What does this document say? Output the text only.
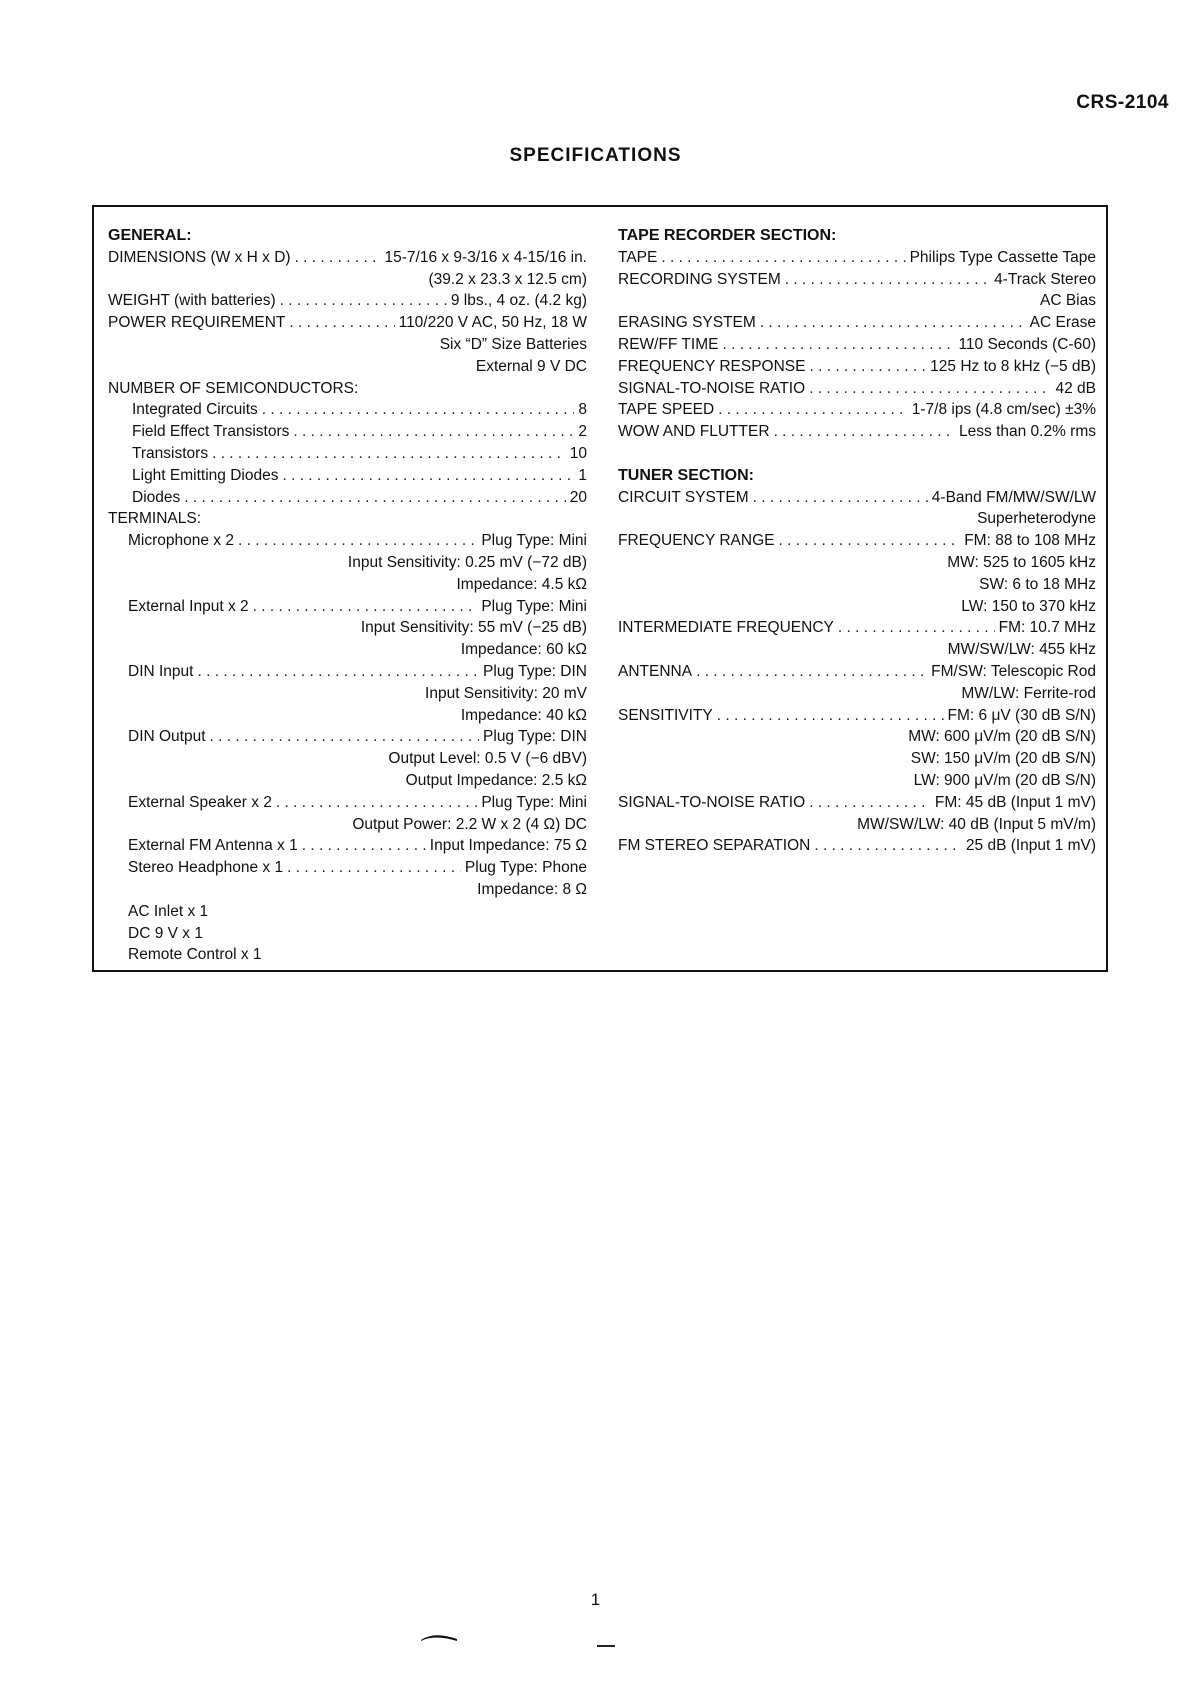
CRS-2104
SPECIFICATIONS
GENERAL:
DIMENSIONS (W x H x D) . . .	15-7/16 x 9-3/16 x 4-15/16 in.
(39.2 x 23.3 x 12.5 cm)
WEIGHT (with batteries) . . .	9 lbs., 4 oz. (4.2 kg)
POWER REQUIREMENT . . .	110/220 V AC, 50 Hz, 18 W
Six “D” Size Batteries
External 9 V DC
NUMBER OF SEMICONDUCTORS:
Integrated Circuits . . .	8
Field Effect Transistors . . .	2
Transistors . . .	10
Light Emitting Diodes . . .	1
Diodes . . .	20
TERMINALS:
Microphone x 2 . . .	Plug Type: Mini
Input Sensitivity: 0.25 mV (−72 dB)
Impedance: 4.5 kΩ
External Input x 2 . . .	Plug Type: Mini
Input Sensitivity: 55 mV (−25 dB)
Impedance: 60 kΩ
DIN Input . . .	Plug Type: DIN
Input Sensitivity: 20 mV
Impedance: 40 kΩ
DIN Output . . .	Plug Type: DIN
Output Level: 0.5 V (−6 dBV)
Output Impedance: 2.5 kΩ
External Speaker x 2 . . .	Plug Type: Mini
Output Power: 2.2 W x 2 (4 Ω) DC
External FM Antenna x 1 . . .	Input Impedance: 75 Ω
Stereo Headphone x 1 . . .	Plug Type: Phone
Impedance: 8 Ω
AC Inlet x 1
DC 9 V x 1
Remote Control x 1
TAPE RECORDER SECTION:
TAPE . . .	Philips Type Cassette Tape
RECORDING SYSTEM . . .	4-Track Stereo
AC Bias
ERASING SYSTEM . . .	AC Erase
REW/FF TIME . . .	110 Seconds (C-60)
FREQUENCY RESPONSE . . .	125 Hz to 8 kHz (−5 dB)
SIGNAL-TO-NOISE RATIO . . .	42 dB
TAPE SPEED . . .	1-7/8 ips (4.8 cm/sec) ±3%
WOW AND FLUTTER . . .	Less than 0.2% rms
TUNER SECTION:
CIRCUIT SYSTEM . . .	4-Band FM/MW/SW/LW
Superheterodyne
FREQUENCY RANGE . . .	FM: 88 to 108 MHz
MW: 525 to 1605 kHz
SW: 6 to 18 MHz
LW: 150 to 370 kHz
INTERMEDIATE FREQUENCY . . .	FM: 10.7 MHz
MW/SW/LW: 455 kHz
ANTENNA . . .	FM/SW: Telescopic Rod
MW/LW: Ferrite-rod
SENSITIVITY . . .	FM: 6 μV (30 dB S/N)
MW: 600 μV/m (20 dB S/N)
SW: 150 μV/m (20 dB S/N)
LW: 900 μV/m (20 dB S/N)
SIGNAL-TO-NOISE RATIO . . .	FM: 45 dB (Input 1 mV)
MW/SW/LW: 40 dB (Input 5 mV/m)
FM STEREO SEPARATION . . .	25 dB (Input 1 mV)
1
